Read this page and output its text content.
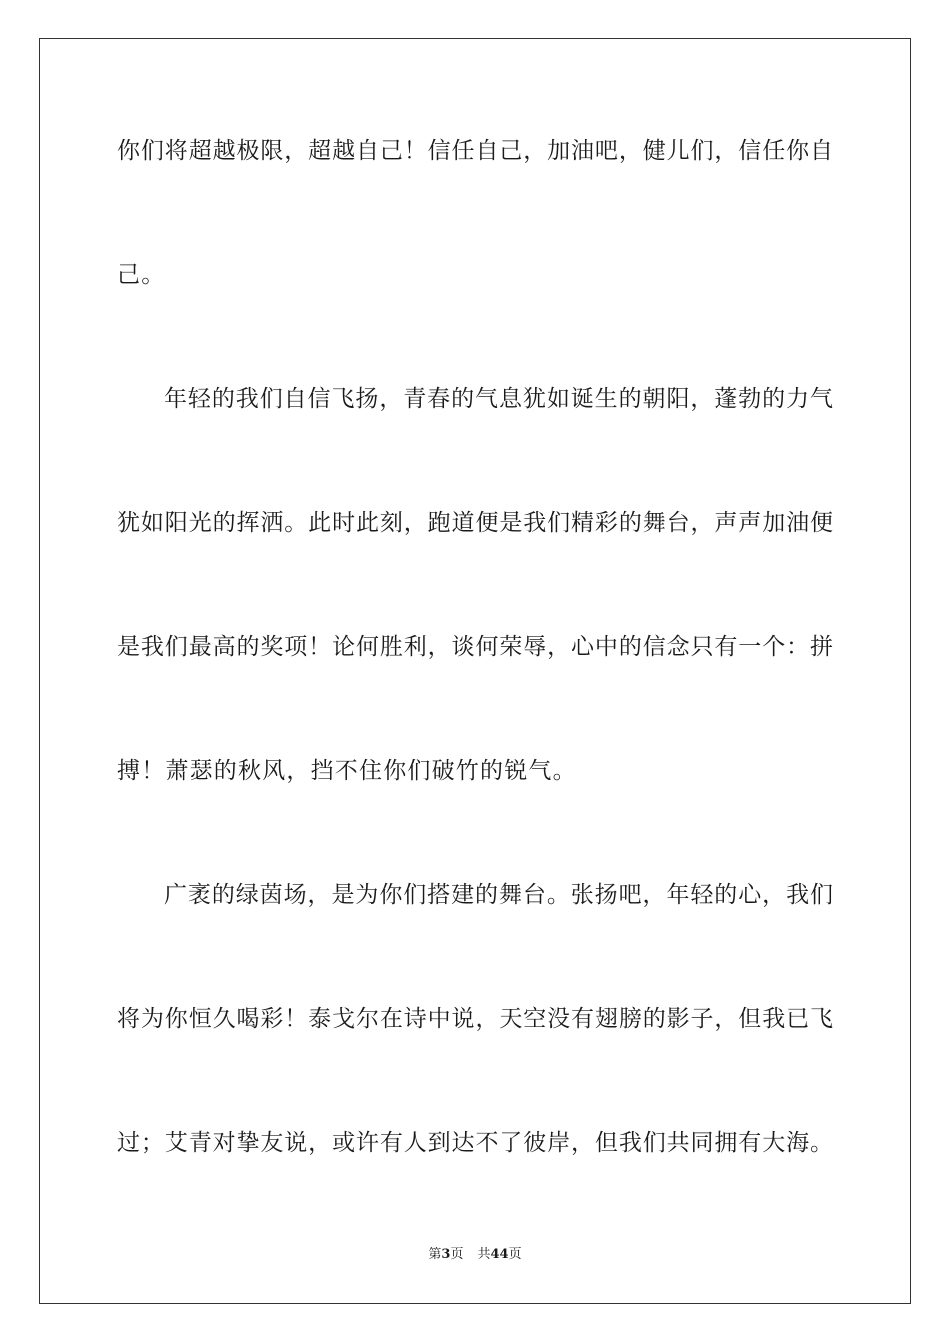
你们将超越极限，超越自己！信任自己，加油吧，健儿们，信任你自
己。
年轻的我们自信飞扬，青春的气息犹如诞生的朝阳，蓬勃的力气
犹如阳光的挥洒。此时此刻，跑道便是我们精彩的舞台，声声加油便
是我们最高的奖项！论何胜利，谈何荣辱，心中的信念只有一个：拼
搏！萧瑟的秋风，挡不住你们破竹的锐气。
广袤的绿茵场，是为你们搭建的舞台。张扬吧，年轻的心，我们
将为你恒久喝彩！泰戈尔在诗中说，天空没有翅膀的影子，但我已飞
过；艾青对挚友说，或许有人到达不了彼岸，但我们共同拥有大海。
第3页 共44页
